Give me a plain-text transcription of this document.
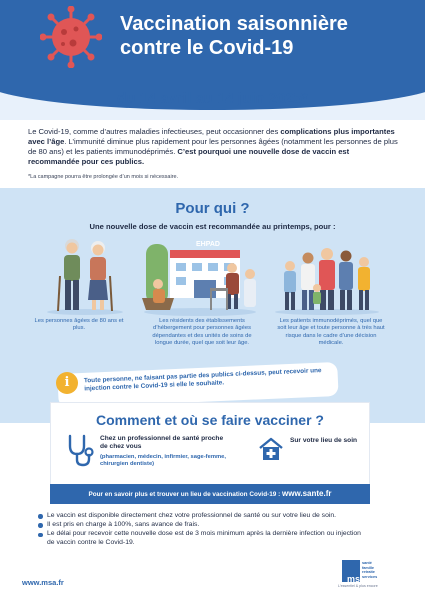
Vaccination saisonnière
contre le Covid-19
du 14 avril au 14 juin 2025*

Le Covid-19, comme d’autres maladies infectieuses, peut occasionner des complications plus importantes avec l’âge. L’immunité diminue plus rapidement pour les personnes âgées (notamment les personnes de plus de 80 ans) et les patients immunodéprimés. C’est pourquoi une nouvelle dose de vaccin est recommandée pour ces publics.

*La campagne pourra être prolongée d’un mois si nécessaire.

Pour qui ?
Une nouvelle dose de vaccin est recommandée au printemps, pour :
EHPAD
Les personnes âgées de 80 ans et plus.
Les résidents des établissements d’hébergement pour personnes âgées dépendantes et des unités de soins de longue durée, quel que soit leur âge.
Les patients immunodéprimés, quel que soit leur âge et toute personne à très haut risque dans le cadre d’une décision médicale.
i	Toute personne, ne faisant pas partie des publics ci-dessus, peut recevoir une injection contre le Covid-19 si elle le souhaite.
Comment et où se faire vacciner ?
Chez un professionnel de santé proche de chez vous
(pharmacien, médecin, infirmier, sage-femme, chirurgien dentiste)
Sur votre lieu de soin
Pour en savoir plus et trouver un lieu de vaccination Covid-19 : www.sante.fr
Le vaccin est disponible directement chez votre professionnel de santé ou sur votre lieu de soin.
Il est pris en charge à 100%, sans avance de frais.
Le délai pour recevoir cette nouvelle dose est de 3 mois minimum après la dernière infection ou injection de vaccin contre le Covid-19.
www.msa.fr	msa
santé
famille
retraite
services
L’essentiel & plus encore
